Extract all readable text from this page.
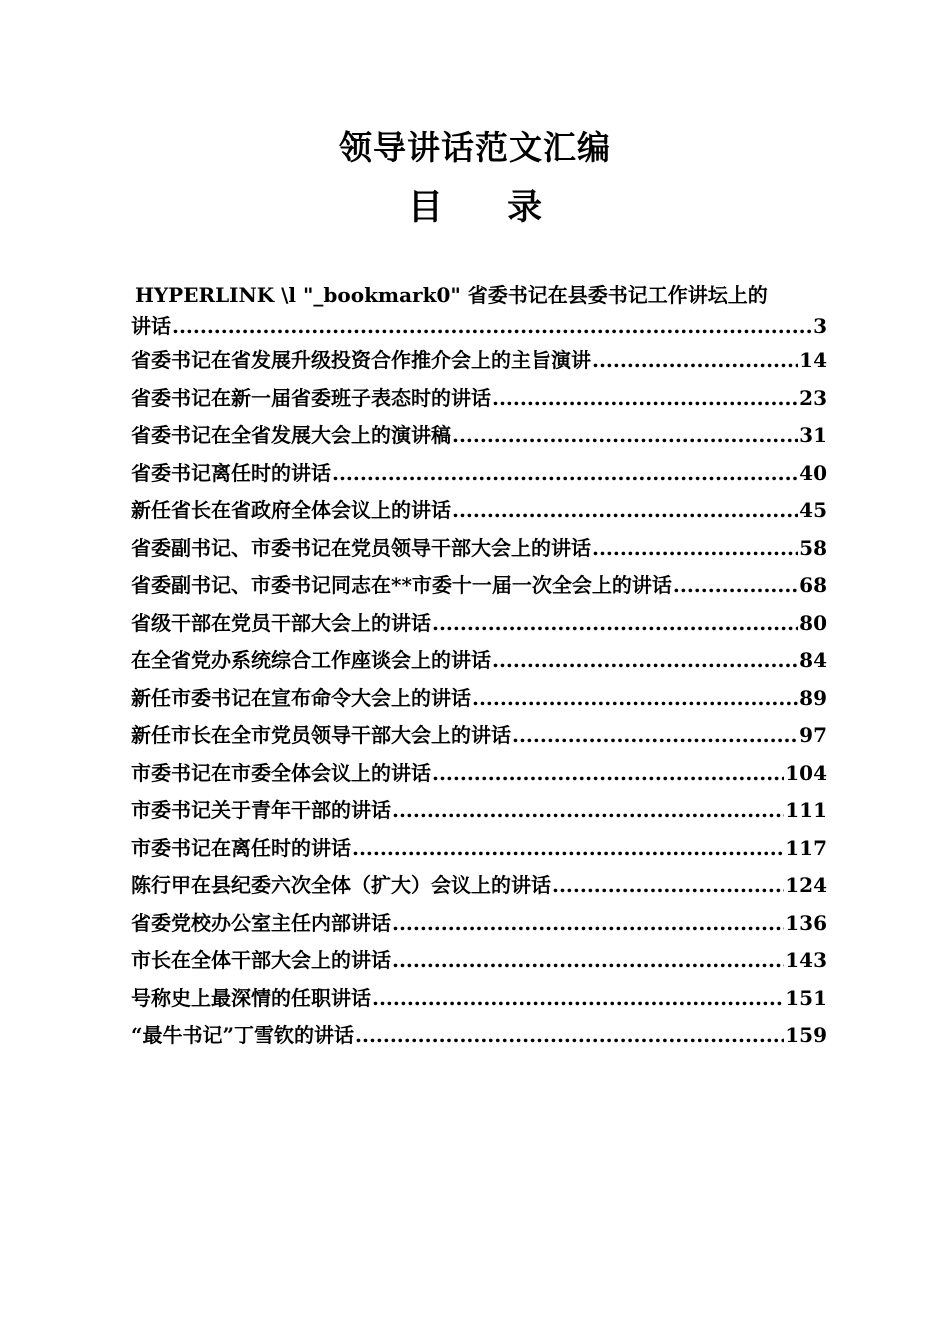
领导讲话范文汇编
目 录
HYPERLINK \l "_bookmark0" 省委书记在县委书记工作讲坛上的
讲话 .....	3
省委书记在省发展升级投资合作推介会上的主旨演讲 .....	14
省委书记在新一届省委班子表态时的讲话 .....	23
省委书记在全省发展大会上的演讲稿 .....	31
省委书记离任时的讲话 .....	40
新任省长在省政府全体会议上的讲话 .....	45
省委副书记、市委书记在党员领导干部大会上的讲话 .....	58
省委副书记、市委书记同志在**市委十一届一次全会上的讲话 .....	68
省级干部在党员干部大会上的讲话 .....	80
在全省党办系统综合工作座谈会上的讲话 .....	84
新任市委书记在宣布命令大会上的讲话 .....	89
新任市长在全市党员领导干部大会上的讲话 .....	97
市委书记在市委全体会议上的讲话 .....	104
市委书记关于青年干部的讲话 .....	111
市委书记在离任时的讲话 .....	117
陈行甲在县纪委六次全体（扩大）会议上的讲话 .....	124
省委党校办公室主任内部讲话 .....	136
市长在全体干部大会上的讲话 .....	143
号称史上最深情的任职讲话 .....	151
“最牛书记”丁雪钦的讲话 .....	159
